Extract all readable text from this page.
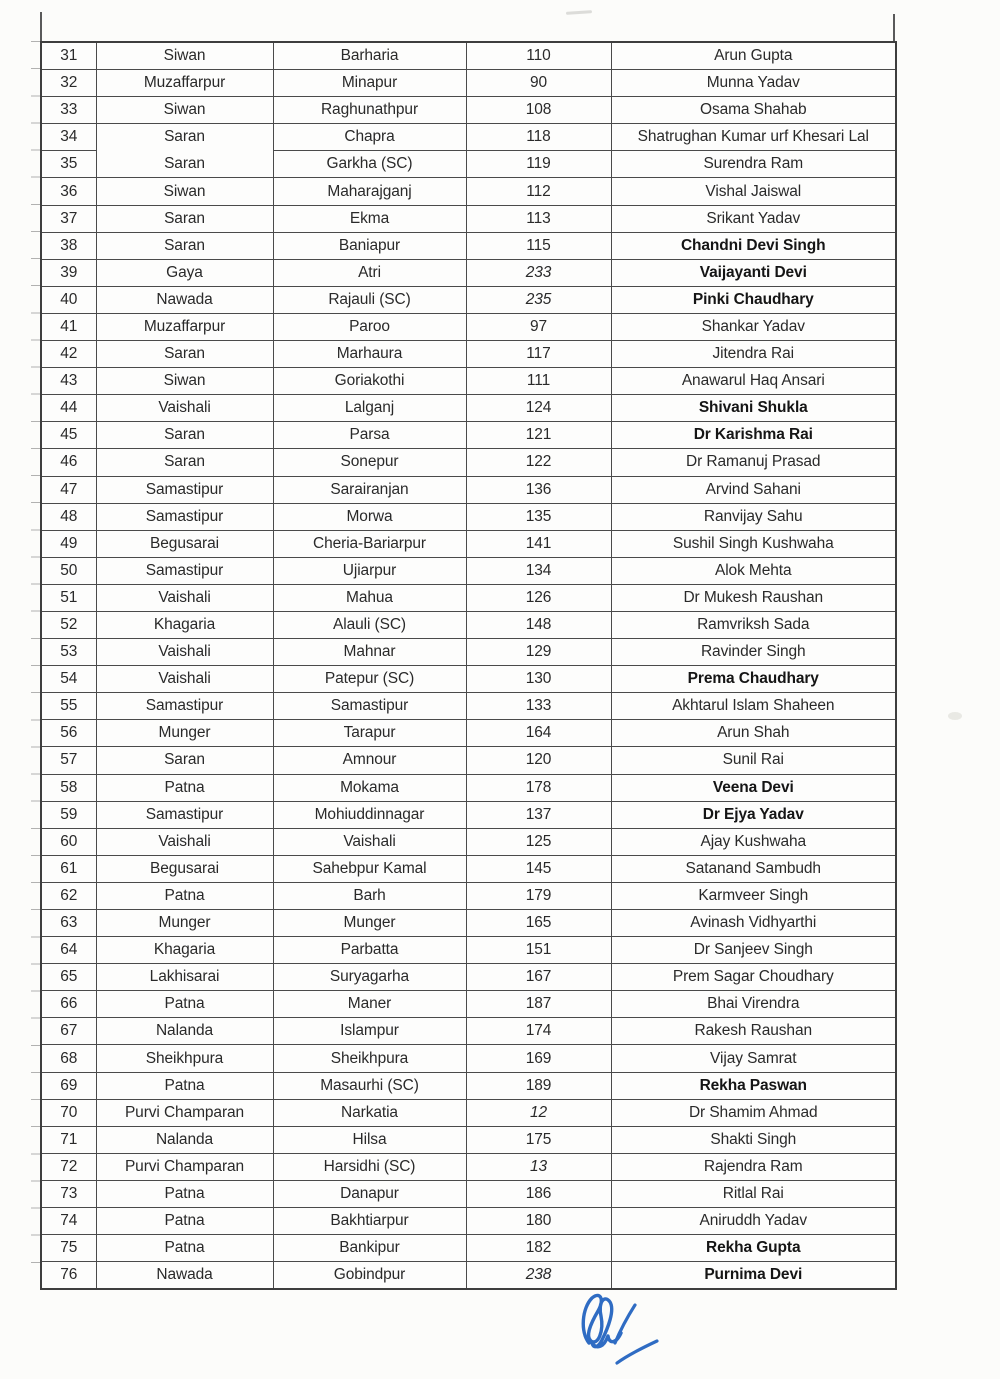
31	Siwan	Barharia	110	Arun Gupta
32	Muzaffarpur	Minapur	90	Munna Yadav
33	Siwan	Raghunathpur	108	Osama Shahab
34	Saran	Chapra	118	Shatrughan Kumar urf Khesari Lal
35	Saran	Garkha (SC)	119	Surendra Ram
36	Siwan	Maharajganj	112	Vishal Jaiswal
37	Saran	Ekma	113	Srikant Yadav
38	Saran	Baniapur	115	Chandni Devi Singh
39	Gaya	Atri	233	Vaijayanti Devi
40	Nawada	Rajauli (SC)	235	Pinki Chaudhary
41	Muzaffarpur	Paroo	97	Shankar Yadav
42	Saran	Marhaura	117	Jitendra Rai
43	Siwan	Goriakothi	111	Anawarul Haq Ansari
44	Vaishali	Lalganj	124	Shivani Shukla
45	Saran	Parsa	121	Dr Karishma Rai
46	Saran	Sonepur	122	Dr Ramanuj Prasad
47	Samastipur	Sarairanjan	136	Arvind Sahani
48	Samastipur	Morwa	135	Ranvijay Sahu
49	Begusarai	Cheria-Bariarpur	141	Sushil Singh Kushwaha
50	Samastipur	Ujiarpur	134	Alok Mehta
51	Vaishali	Mahua	126	Dr Mukesh Raushan
52	Khagaria	Alauli (SC)	148	Ramvriksh Sada
53	Vaishali	Mahnar	129	Ravinder Singh
54	Vaishali	Patepur (SC)	130	Prema Chaudhary
55	Samastipur	Samastipur	133	Akhtarul Islam Shaheen
56	Munger	Tarapur	164	Arun Shah
57	Saran	Amnour	120	Sunil Rai
58	Patna	Mokama	178	Veena Devi
59	Samastipur	Mohiuddinnagar	137	Dr Ejya Yadav
60	Vaishali	Vaishali	125	Ajay Kushwaha
61	Begusarai	Sahebpur Kamal	145	Satanand Sambudh
62	Patna	Barh	179	Karmveer Singh
63	Munger	Munger	165	Avinash Vidhyarthi
64	Khagaria	Parbatta	151	Dr Sanjeev Singh
65	Lakhisarai	Suryagarha	167	Prem Sagar Choudhary
66	Patna	Maner	187	Bhai Virendra
67	Nalanda	Islampur	174	Rakesh Raushan
68	Sheikhpura	Sheikhpura	169	Vijay Samrat
69	Patna	Masaurhi (SC)	189	Rekha Paswan
70	Purvi Champaran	Narkatia	12	Dr Shamim Ahmad
71	Nalanda	Hilsa	175	Shakti Singh
72	Purvi Champaran	Harsidhi (SC)	13	Rajendra Ram
73	Patna	Danapur	186	Ritlal Rai
74	Patna	Bakhtiarpur	180	Aniruddh Yadav
75	Patna	Bankipur	182	Rekha Gupta
76	Nawada	Gobindpur	238	Purnima Devi
